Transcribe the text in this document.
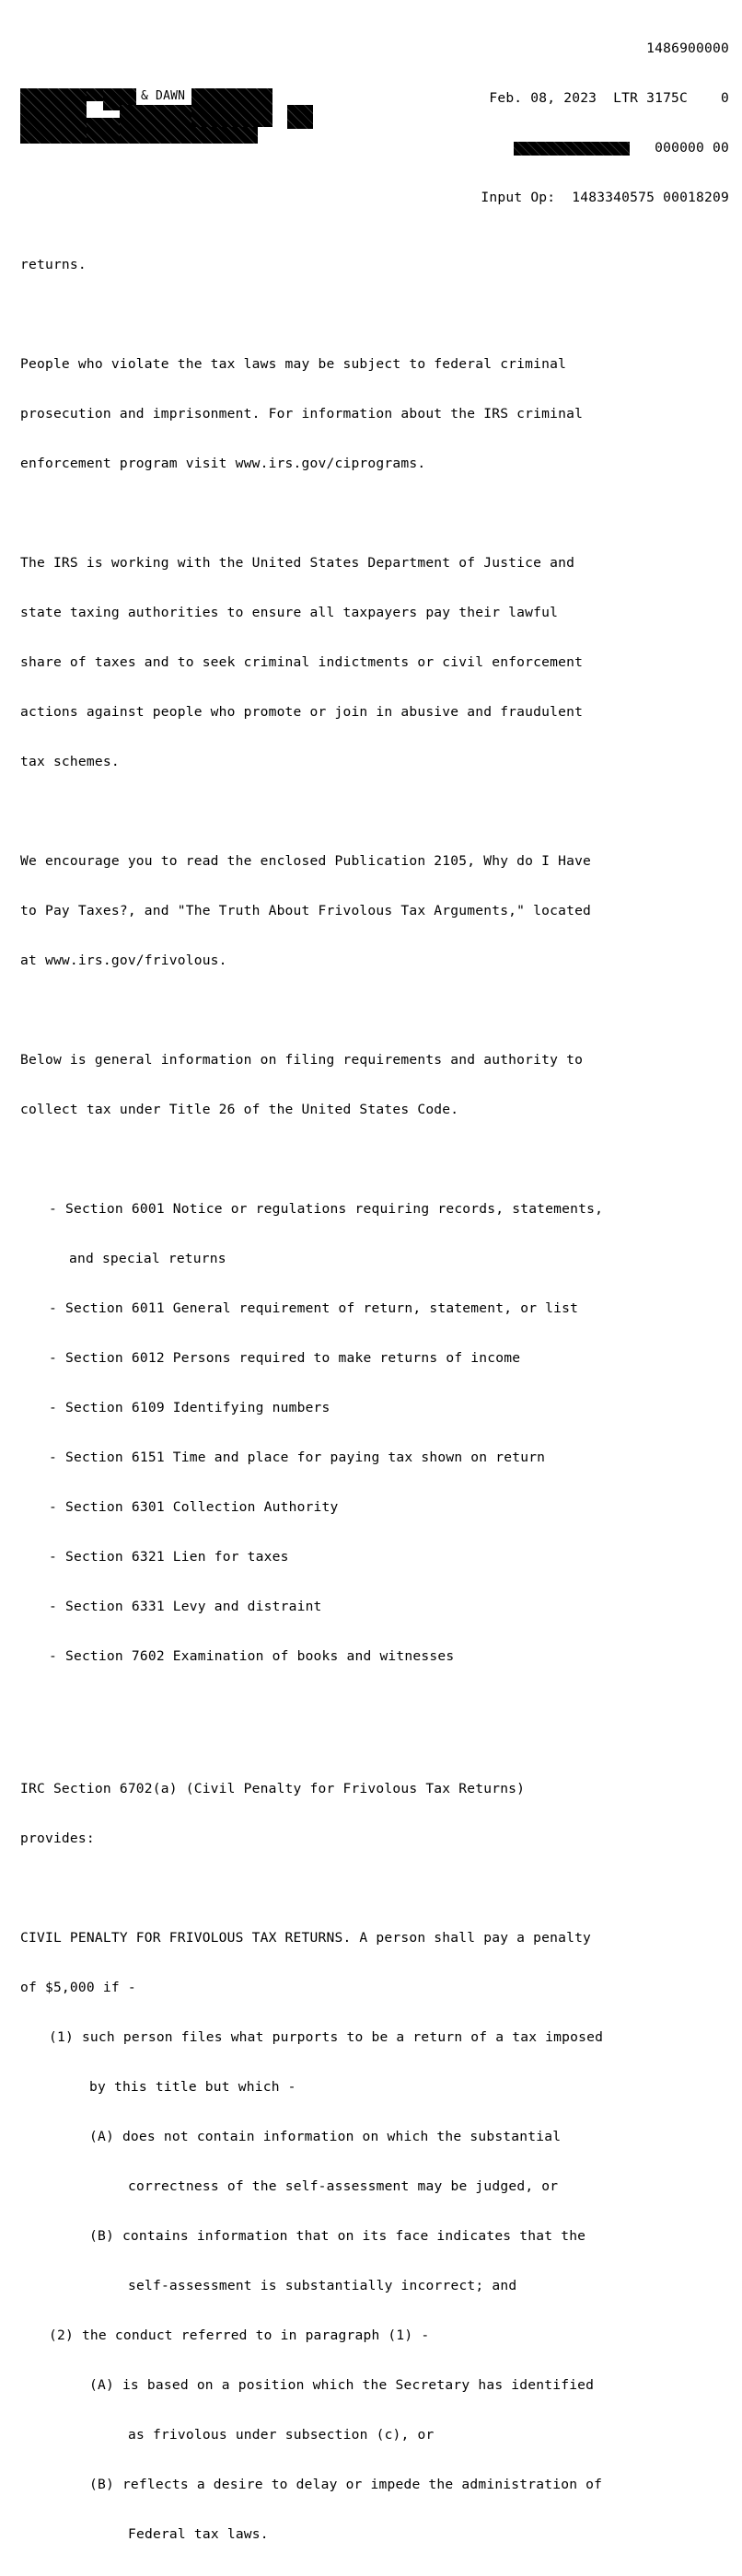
1486900000

Feb. 08, 2023 LTR 3175C 0

000000 00

Input Op:  1483340575 00018209

& DAWN

returns.

People who violate the tax laws may be subject to federal criminal

prosecution and imprisonment. For information about the IRS criminal

enforcement program visit www.irs.gov/ciprograms.

The IRS is working with the United States Department of Justice and

state taxing authorities to ensure all taxpayers pay their lawful

share of taxes and to seek criminal indictments or civil enforcement

actions against people who promote or join in abusive and fraudulent

tax schemes.

We encourage you to read the enclosed Publication 2105, Why do I Have

to Pay Taxes?, and "The Truth About Frivolous Tax Arguments," located

at www.irs.gov/frivolous.

Below is general information on filing requirements and authority to

collect tax under Title 26 of the United States Code.

- Section 6001 Notice or regulations requiring records, statements,

and special returns

- Section 6011 General requirement of return, statement, or list

- Section 6012 Persons required to make returns of income

- Section 6109 Identifying numbers

- Section 6151 Time and place for paying tax shown on return

- Section 6301 Collection Authority

- Section 6321 Lien for taxes

- Section 6331 Levy and distraint

- Section 7602 Examination of books and witnesses

IRC Section 6702(a) (Civil Penalty for Frivolous Tax Returns)

provides:

CIVIL PENALTY FOR FRIVOLOUS TAX RETURNS. A person shall pay a penalty

of $5,000 if -

(1) such person files what purports to be a return of a tax imposed

by this title but which -

(A) does not contain information on which the substantial

correctness of the self-assessment may be judged, or

(B) contains information that on its face indicates that the

self-assessment is substantially incorrect; and

(2) the conduct referred to in paragraph (1) -

(A) is based on a position which the Secretary has identified

as frivolous under subsection (c), or

(B) reflects a desire to delay or impede the administration of

Federal tax laws.
